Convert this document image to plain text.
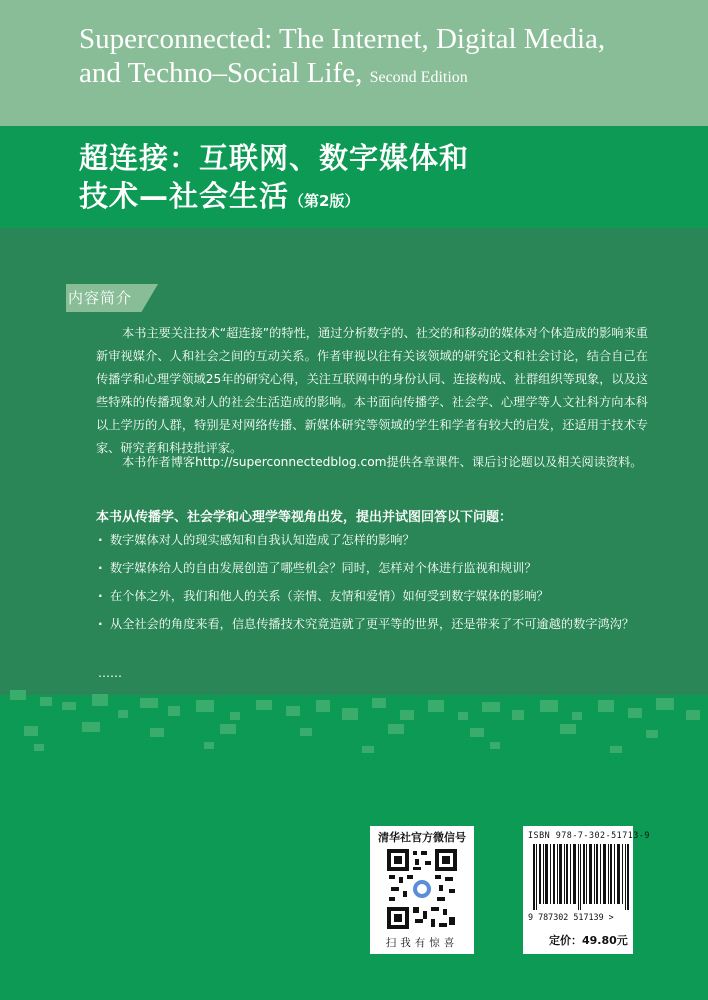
Superconnected: The Internet, Digital Media,
and Techno–Social Life, Second Edition
超连接：互联网、数字媒体和
技术—社会生活（第2版）
内容简介
本书主要关注技术“超连接”的特性，通过分析数字的、社交的和移动的媒体对个体造成的影响来重新审视媒介、人和社会之间的互动关系。作者审视以往有关该领域的研究论文和社会讨论，结合自己在传播学和心理学领域25年的研究心得，关注互联网中的身份认同、连接构成、社群组织等现象，以及这些特殊的传播现象对人的社会生活造成的影响。本书面向传播学、社会学、心理学等人文社科方向本科以上学历的人群，特别是对网络传播、新媒体研究等领域的学生和学者有较大的启发，还适用于技术专家、研究者和科技批评家。
本书作者博客http://superconnectedblog.com提供各章课件、课后讨论题以及相关阅读资料。
本书从传播学、社会学和心理学等视角出发，提出并试图回答以下问题：
· 数字媒体对人的现实感知和自我认知造成了怎样的影响？
· 数字媒体给人的自由发展创造了哪些机会？同时，怎样对个体进行监视和规训？
· 在个体之外，我们和他人的关系（亲情、友情和爱情）如何受到数字媒体的影响？
· 从全社会的角度来看，信息传播技术究竟造就了更平等的世界，还是带来了不可逾越的数字鸿沟？
……
清华社官方微信号
扫我有惊喜
ISBN 978-7-302-51713-9
9 787302 517139 >
定价：49.80元
